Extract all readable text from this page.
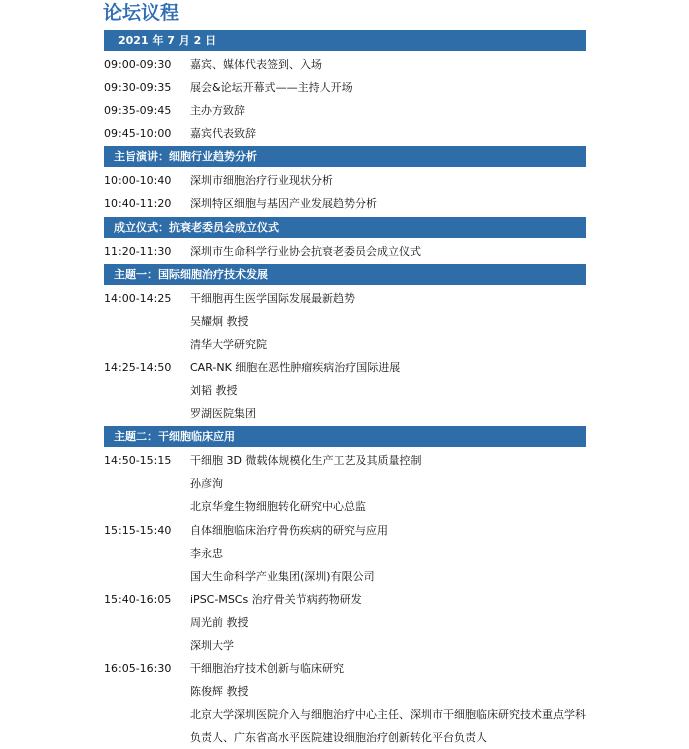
论坛议程
2021 年 7 月 2 日
09:00-09:30	嘉宾、媒体代表签到、入场
09:30-09:35	展会&论坛开幕式——主持人开场
09:35-09:45	主办方致辞
09:45-10:00	嘉宾代表致辞
主旨演讲：细胞行业趋势分析
10:00-10:40	深圳市细胞治疗行业现状分析
10:40-11:20	深圳特区细胞与基因产业发展趋势分析
成立仪式：抗衰老委员会成立仪式
11:20-11:30	深圳市生命科学行业协会抗衰老委员会成立仪式
主题一：国际细胞治疗技术发展
14:00-14:25	干细胞再生医学国际发展最新趋势
吴耀炯 教授
清华大学研究院
14:25-14:50	CAR-NK 细胞在恶性肿瘤疾病治疗国际进展
刘韬 教授
罗湖医院集团
主题二：干细胞临床应用
14:50-15:15	干细胞 3D 微载体规模化生产工艺及其质量控制
孙彦洵
北京华龛生物细胞转化研究中心总监
15:15-15:40	自体细胞临床治疗骨伤疾病的研究与应用
李永忠
国大生命科学产业集团(深圳)有限公司
15:40-16:05	iPSC-MSCs 治疗骨关节病药物研发
周光前 教授
深圳大学
16:05-16:30	干细胞治疗技术创新与临床研究
陈俊辉 教授
北京大学深圳医院介入与细胞治疗中心主任、深圳市干细胞临床研究技术重点学科负责人、广东省高水平医院建设细胞治疗创新转化平台负责人
